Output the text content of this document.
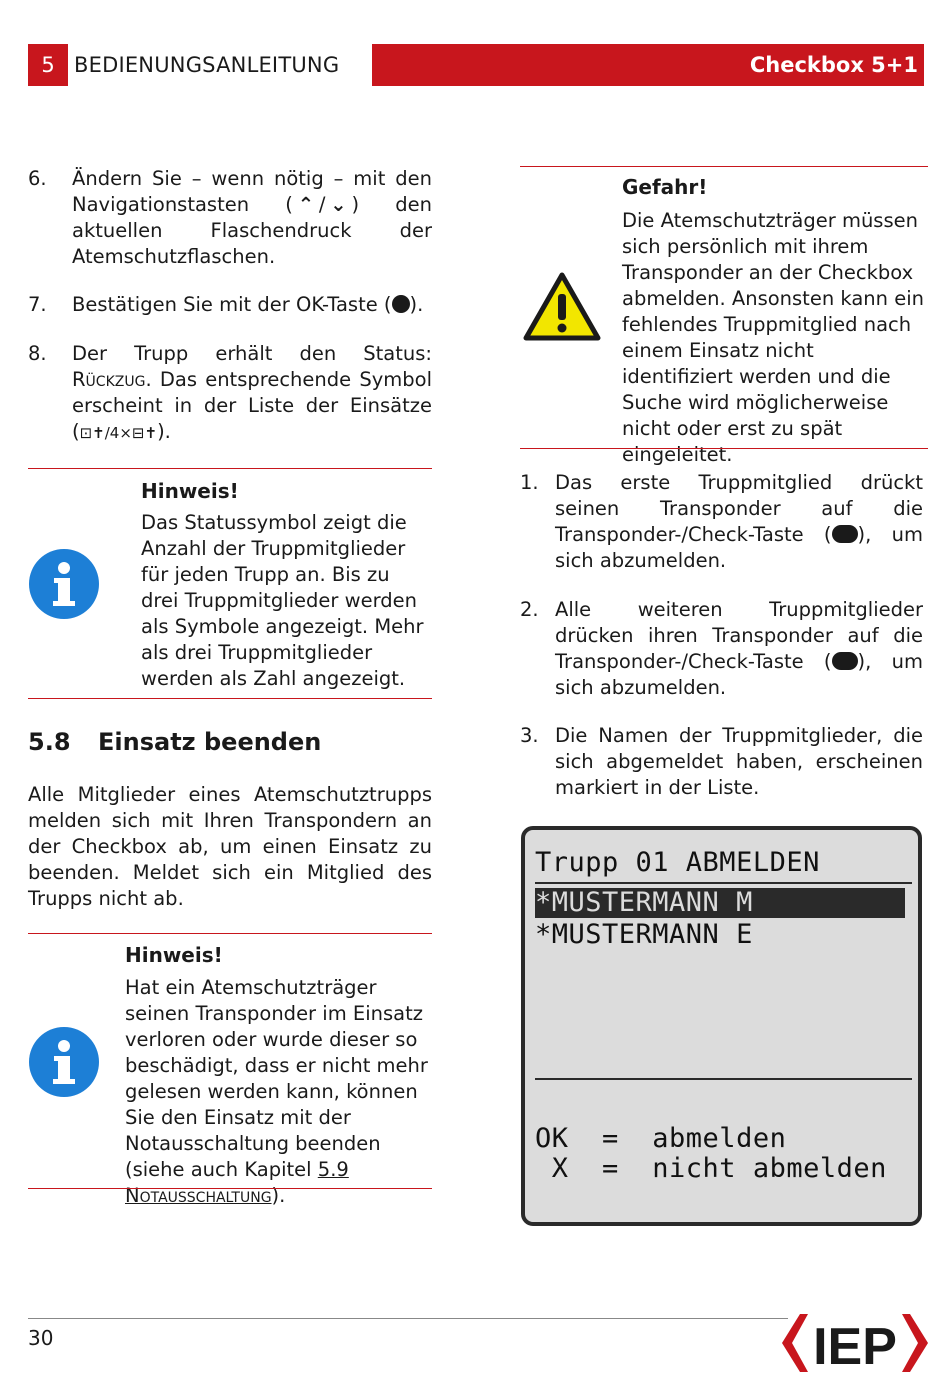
5 BEDIENUNGSANLEITUNG	Checkbox 5+1
6. Ändern Sie – wenn nötig – mit den Navigationstasten ( ⌃ / ⌄ ) den aktuellen Flaschendruck der Atemschutzflaschen.
7. Bestätigen Sie mit der OK-Taste ( ).
8. Der Trupp erhält den Status: Rückzug. Das entsprechende Symbol erscheint in der Liste der Einsätze (⊡✝/4×⊟✝).
Hinweis!
Das Statussymbol zeigt die Anzahl der Truppmitglieder für jeden Trupp an. Bis zu drei Truppmitglieder werden als Symbole angezeigt. Mehr als drei Truppmitglieder werden als Zahl angezeigt.
5.8 Einsatz beenden
Alle Mitglieder eines Atemschutztrupps melden sich mit Ihren Transpondern an der Checkbox ab, um einen Einsatz zu beenden. Meldet sich ein Mitglied des Trupps nicht ab.
Hinweis!
Hat ein Atemschutzträger seinen Transponder im Einsatz verloren oder wurde dieser so beschädigt, dass er nicht mehr gelesen werden kann, können Sie den Einsatz mit der Notausschaltung beenden (siehe auch Kapitel 5.9 Notausschaltung).
Gefahr!
Die Atemschutzträger müssen sich persönlich mit ihrem Transponder an der Checkbox abmelden. Ansonsten kann ein fehlendes Truppmitglied nach einem Einsatz nicht identifiziert werden und die Suche wird möglicherweise nicht oder erst zu spät eingeleitet.
1. Das erste Truppmitglied drückt seinen Transponder auf die Transponder-/Check-Taste ( ), um sich abzumelden.
2. Alle weiteren Truppmitglieder drücken ihren Transponder auf die Transponder-/Check-Taste ( ), um sich abzumelden.
3. Die Namen der Truppmitglieder, die sich abgemeldet haben, erscheinen markiert in der Liste.
Trupp 01 ABMELDEN
*MUSTERMANN M
*MUSTERMANN E
OK  =  abmelden
X  =  nicht abmelden
30	IEP
